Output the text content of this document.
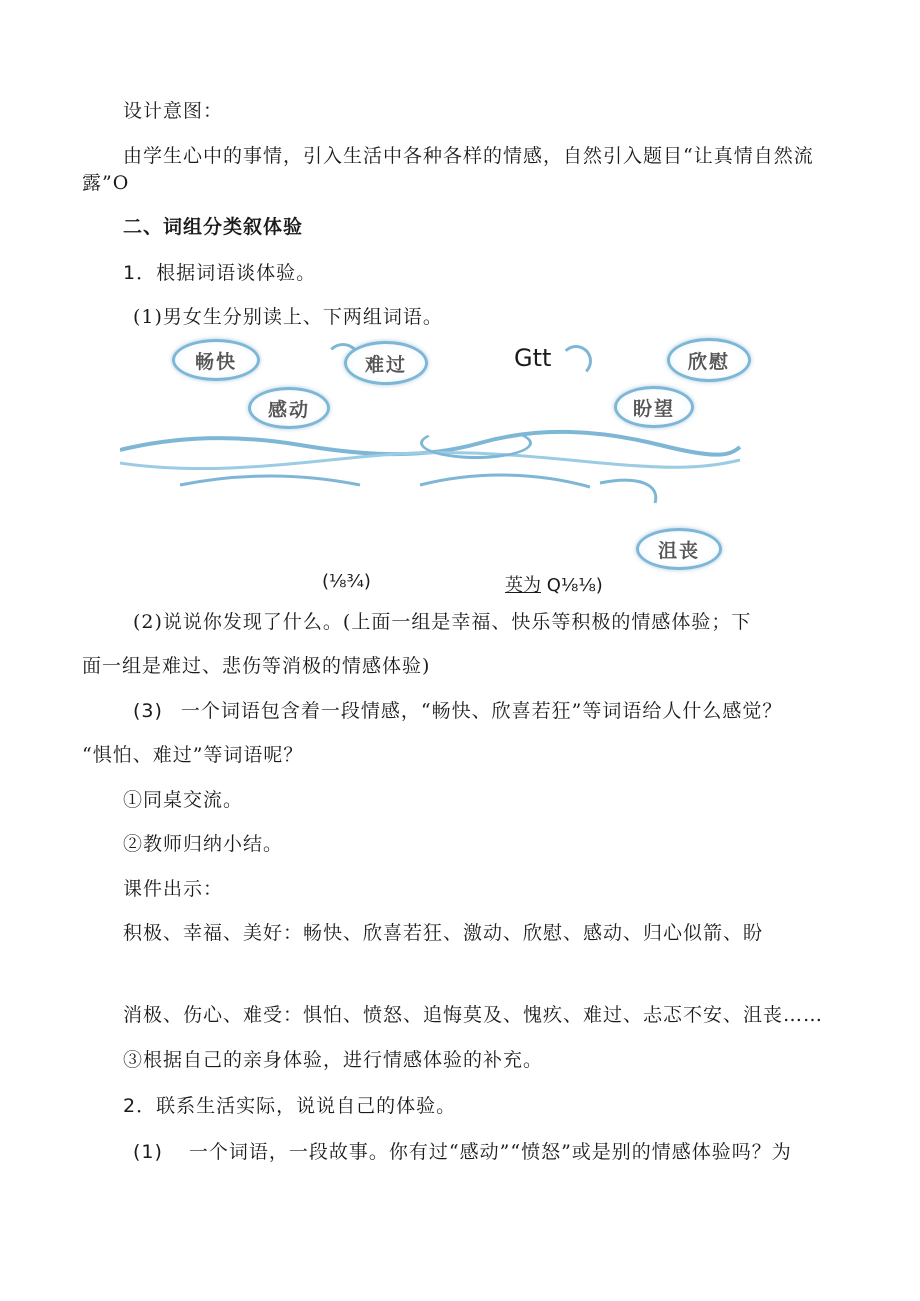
设计意图：
由学生心中的事情，引入生活中各种各样的情感，自然引入题目“让真情自然流
露”O
二、词组分类叙体验
1．根据词语谈体验。
(1)男女生分别读上、下两组词语。
畅快	难过	Gtt	欣慰
感动	盼望
沮丧
(⅛¾)	英为 Q⅛⅛)
(2)说说你发现了什么。(上面一组是幸福、快乐等积极的情感体验；下
面一组是难过、悲伤等消极的情感体验)
(3) 一个词语包含着一段情感，“畅快、欣喜若狂”等词语给人什么感觉？
“惧怕、难过”等词语呢？
①同桌交流。
②教师归纳小结。
课件出示：
积极、幸福、美好：畅快、欣喜若狂、激动、欣慰、感动、归心似箭、盼
消极、伤心、难受：惧怕、愤怒、追悔莫及、愧疚、难过、忐忑不安、沮丧……
③根据自己的亲身体验，进行情感体验的补充。
2．联系生活实际，说说自己的体验。
(1) 一个词语，一段故事。你有过“感动”“愤怒”或是别的情感体验吗？为
